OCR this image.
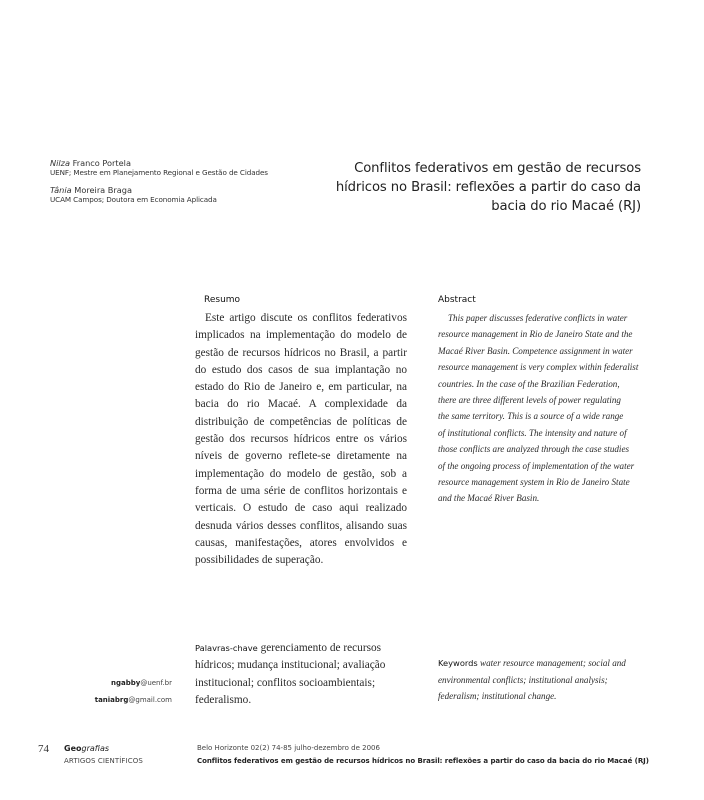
Nilza Franco Portela
UENF; Mestre em Planejamento Regional e Gestão de Cidades
Tânia Moreira Braga
UCAM Campos; Doutora em Economia Aplicada
Conflitos federativos em gestão de recursos
hídricos no Brasil: reflexões a partir do caso da
bacia do rio Macaé (RJ)
Resumo

Este artigo discute os conflitos federativos implicados na implementação do modelo de gestão de recursos hídricos no Brasil, a partir do estudo dos casos de sua implantação no estado do Rio de Janeiro e, em particular, na bacia do rio Macaé. A complexidade da distribuição de competências de políticas de gestão dos recursos hídricos entre os vários níveis de governo reflete-se diretamente na implementação do modelo de gestão, sob a forma de uma série de conflitos horizontais e verticais. O estudo de caso aqui realizado desnuda vários desses conflitos, alisando suas causas, manifestações, atores envolvidos e possibilidades de superação.

Abstract
This paper discusses federative conflicts in water
resource management in Rio de Janeiro State and the
Macaé River Basin. Competence assignment in water
resource management is very complex within federalist
countries. In the case of the Brazilian Federation,
there are three different levels of power regulating
the same territory. This is a source of a wide range
of institutional conflicts. The intensity and nature of
those conflicts are analyzed through the case studies
of the ongoing process of implementation of the water
resource management system in Rio de Janeiro State
and the Macaé River Basin.
Palavras-chave gerenciamento de recursos hídricos; mudança institucional; avaliação institucional; conflitos socioambientais; federalismo.
Keywords water resource management; social and environmental conflicts; institutional analysis; federalism; institutional change.
ngabby@uenf.br
taniabrg@gmail.com
74 Geografias
ARTIGOS CIENTÍFICOS
Belo Horizonte 02(2) 74-85 julho-dezembro de 2006
Conflitos federativos em gestão de recursos hídricos no Brasil: reflexões a partir do caso da bacia do rio Macaé (RJ)
